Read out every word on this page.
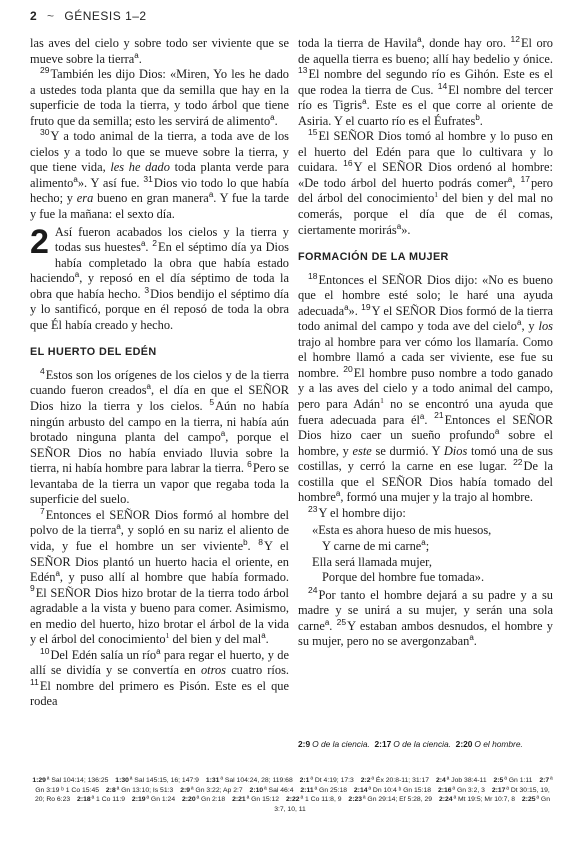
2 ~ GÉNESIS 1–2

las aves del cielo y sobre todo ser viviente que se mueve sobre la tierra$^a$.

$^{29}$También les dijo Dios: «Miren, Yo les he dado a ustedes toda planta que da semilla que hay en la superficie de toda la tierra, y todo árbol que tiene fruto que da semilla; esto les servirá de alimento$^a$.

$^{30}$Y a todo animal de la tierra, a toda ave de los cielos y a todo lo que se mueve sobre la tierra, y que tiene vida, les he dado toda planta verde para alimento$^a$». Y así fue. $^{31}$Dios vio todo lo que había hecho; y era bueno en gran manera$^a$. Y fue la tarde y fue la mañana: el sexto día.

2 Así fueron acabados los cielos y la tierra y todas sus huestes$^a$. $^2$En el séptimo día ya Dios había completado la obra que había estado haciendo$^a$, y reposó en el día séptimo de toda la obra que había hecho. $^3$Dios bendijo el séptimo día y lo santificó, porque en él reposó de toda la obra que Él había creado y hecho.

EL HUERTO DEL EDÉN

$^4$Estos son los orígenes de los cielos y de la tierra cuando fueron creados$^a$, el día en que el SEÑOR Dios hizo la tierra y los cielos. $^5$Aún no había ningún arbusto del campo en la tierra, ni había aún brotado ninguna planta del campo$^a$, porque el SEÑOR Dios no había enviado lluvia sobre la tierra, ni había hombre para labrar la tierra. $^6$Pero se levantaba de la tierra un vapor que regaba toda la superficie del suelo.

$^7$Entonces el SEÑOR Dios formó al hombre del polvo de la tierra$^a$, y sopló en su nariz el aliento de vida, y fue el hombre un ser viviente$^b$. $^8$Y el SEÑOR Dios plantó un huerto hacia el oriente, en Edén$^a$, y puso allí al hombre que había formado. $^9$El SEÑOR Dios hizo brotar de la tierra todo árbol agradable a la vista y bueno para comer. Asimismo, en medio del huerto, hizo brotar el árbol de la vida y el árbol del conocimiento$^1$ del bien y del mal$^a$.

$^{10}$Del Edén salía un río$^a$ para regar el huerto, y de allí se dividía y se convertía en otros cuatro ríos. $^{11}$El nombre del primero es Pisón. Este es el que rodea

toda la tierra de Havila$^a$, donde hay oro. $^{12}$El oro de aquella tierra es bueno; allí hay bedelio y ónice. $^{13}$El nombre del segundo río es Gihón. Este es el que rodea la tierra de Cus. $^{14}$El nombre del tercer río es Tigris$^a$. Este es el que corre al oriente de Asiria. Y el cuarto río es el Éufrates$^b$.

$^{15}$El SEÑOR Dios tomó al hombre y lo puso en el huerto del Edén para que lo cultivara y lo cuidara. $^{16}$Y el SEÑOR Dios ordenó al hombre: «De todo árbol del huerto podrás comer$^a$, $^{17}$pero del árbol del conocimiento$^1$ del bien y del mal no comerás, porque el día que de él comas, ciertamente morirás$^a$».

FORMACIÓN DE LA MUJER

$^{18}$Entonces el SEÑOR Dios dijo: «No es bueno que el hombre esté solo; le haré una ayuda adecuada$^a$». $^{19}$Y el SEÑOR Dios formó de la tierra todo animal del campo y toda ave del cielo$^a$, y los trajo al hombre para ver cómo los llamaría. Como el hombre llamó a cada ser viviente, ese fue su nombre. $^{20}$El hombre puso nombre a todo ganado y a las aves del cielo y a todo animal del campo, pero para Adán$^1$ no se encontró una ayuda que fuera adecuada para $él^a$. $^{21}$Entonces el SEÑOR Dios hizo caer un sueño profundo$^a$ sobre el hombre, y este se durmió. Y Dios tomó una de sus costillas, y cerró la carne en ese lugar. $^{22}$De la costilla que el SEÑOR Dios había tomado del hombre$^a$, formó una mujer y la trajo al hombre.

$^{23}$Y el hombre dijo:

«Esta es ahora hueso de mis huesos,
Y carne de mi carne$^a$;
Ella será llamada mujer,
Porque del hombre fue tomada».

$^{24}$Por tanto el hombre dejará a su padre y a su madre y se unirá a su mujer, y serán una sola carne$^a$. $^{25}$Y estaban ambos desnudos, el hombre y su mujer, pero no se avergonzaban$^a$.

2:9 O de la ciencia. 2:17 O de la ciencia. 2:20 O el hombre.
1:29ª Sal 104:14; 136:25 1:30ª Sal 145:15, 16; 147:9 1:31ª Sal 104:24, 28; 119:68 2:1ª Dt 4:19; 17:3 2:2ª Éx 20:8-11; 31:17 2:4ª Job 38:4-11 2:5ª Gn 1:11 2:7ª Gn 3:19 ᵇ 1 Co 15:45 2:8ª Gn 13:10; Is 51:3 2:9ª Gn 3:22; Ap 2:7 2:10ª Sal 46:4 2:11ª Gn 25:18 2:14ª Dn 10:4 ᵇ Gn 15:18 2:16ª Gn 3:2, 3 2:17ª Dt 30:15, 19, 20; Ro 6:23 2:18ª 1 Co 11:9 2:19ª Gn 1:24 2:20ª Gn 2:18 2:21ª Gn 15:12 2:22ª 1 Co 11:8, 9 2:23ª Gn 29:14; Ef 5:28, 29 2:24ª Mt 19:5; Mr 10:7, 8 2:25ª Gn 3:7, 10, 11
